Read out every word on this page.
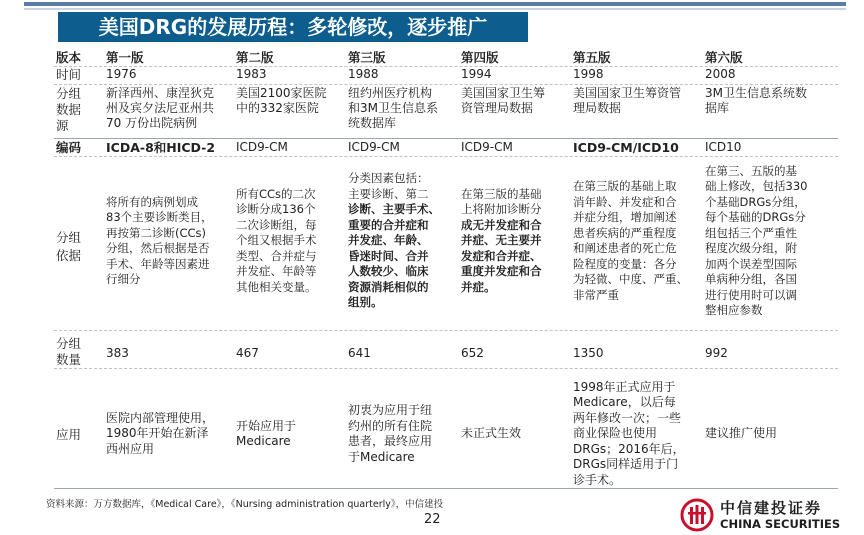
美国DRG的发展历程：多轮修改，逐步推广
版本
时间
分组
数据
源
编码
分组
依据
分组
数量
应用
第一版
1976
新泽西州、康涅狄克
州及宾夕法尼亚州共
70 万份出院病例
ICDA-8和HICD-2
将所有的病例划成
83个主要诊断类目，
再按第二诊断(CCs)
分组，然后根据是否
手术、年龄等因素进
行细分
383
医院内部管理使用，
1980年开始在新泽
西州应用
第二版
1983
美国2100家医院
中的332家医院
ICD9-CM
所有CCs的二次
诊断分成136个
二次诊断组，每
个组又根据手术
类型、合并症与
并发症、年龄等
其他相关变量。
467
开始应用于
Medicare
第三版
1988
纽约州医疗机构
和3M卫生信息系
统数据库
ICD9-CM
分类因素包括：
主要诊断、第二
诊断、主要手术、
重要的合并症和
并发症、年龄、
昏迷时间、合并
人数较少、临床
资源消耗相似的
组别。
641
初衷为应用于纽
约州的所有住院
患者，最终应用
于Medicare
第四版
1994
美国国家卫生筹
资管理局数据
ICD9-CM
在第三版的基础
上将附加诊断分
成无并发症和合
并症、无主要并
发症和合并症、
重度并发症和合
并症。
652
未正式生效
第五版
1998
美国国家卫生筹资管
理局数据
ICD9-CM/ICD10
在第三版的基础上取
消年龄、并发症和合
并症分组，增加阐述
患者疾病的严重程度
和阐述患者的死亡危
险程度的变量：各分
为轻微、中度、严重、
非常严重
1350
1998年正式应用于
Medicare，以后每
两年修改一次；一些
商业保险也使用
DRGs；2016年后，
DRGs同样适用于门
诊手术。
第六版
2008
3M卫生信息系统数
据库
ICD10
在第三、五版的基
础上修改，包括330
个基础DRGs分组，
每个基础的DRGs分
组包括三个严重性
程度次级分组，附
加两个误差型国际
单病种分组，各国
进行使用时可以调
整相应参数
992
建议推广使用
资料来源：万方数据库，《Medical Care》，《Nursing administration quarterly》，中信建投
22
中信建投证券
CHINA SECURITIES
